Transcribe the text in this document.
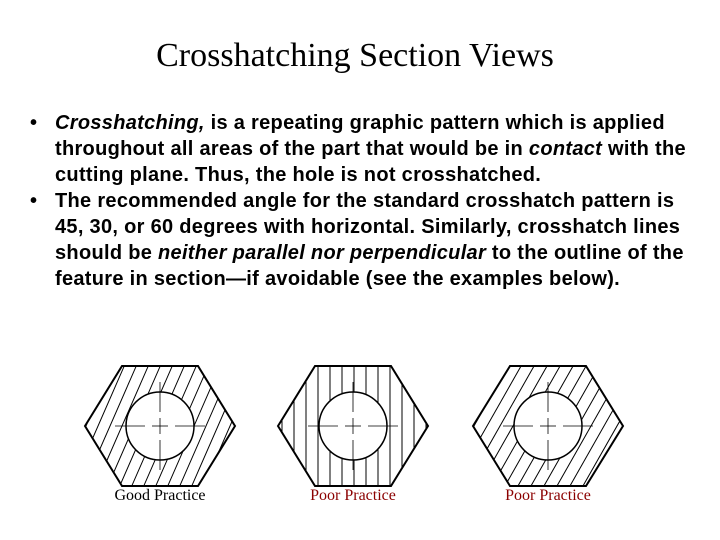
Crosshatching Section Views
• Crosshatching, is a repeating graphic pattern which is applied throughout all areas of the part that would be in contact with the cutting plane. Thus, the hole is not crosshatched.
• The recommended angle for the standard crosshatch pattern is 45, 30, or 60 degrees with horizontal. Similarly, crosshatch lines should be neither parallel nor perpendicular to the outline of the feature in section—if avoidable (see the examples below).
Good Practice	Poor Practice	Poor Practice
